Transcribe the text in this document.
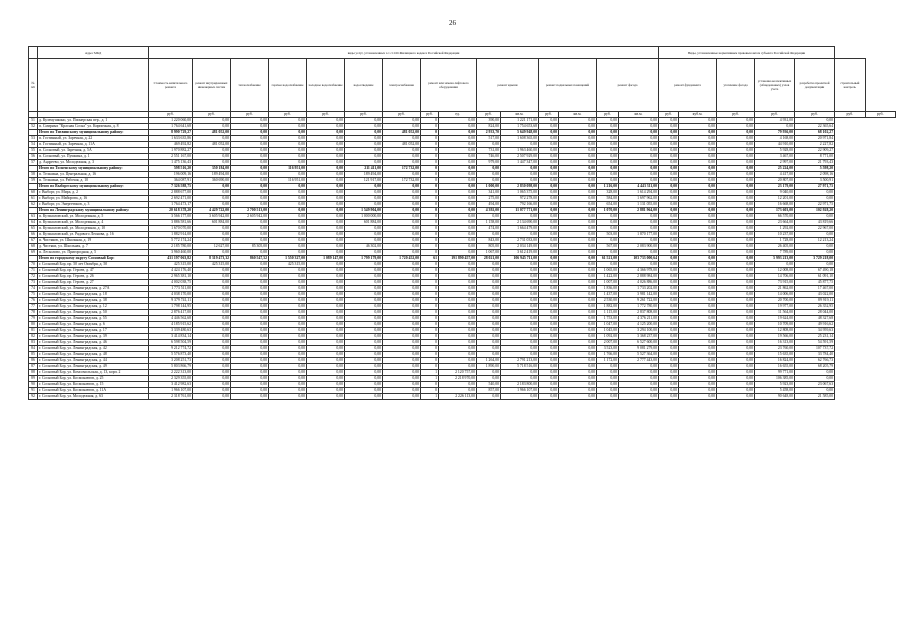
26
	Адрес МКД	виды услуг, установленных ч.1 ст.166 Жилищного кодекса Российской Федерации															Виды, установленные нормативным правовым актом субъекта Российской Федерации						
№ п/п		Стоимость капитального ремонта	ремонт внутридомовых инженерных систем	теплоснабжение	горячее водоснабжение	холодное водоснабжение	водоотведение	электроснабжение	ремонт или замена лифтового оборудования		ремонт крыши		ремонт подвальных помещений		ремонт фасада		ремонт фундамента		утепление фасада	установка коллективных (общедомовых) узлов учета	разработка проектной документации	строительный контроль	
		руб.	руб.	руб.	руб.	руб.	руб.	руб.	руб.	ед.	руб.	кв.м.	руб.	кв.м.	руб.	кв.м.	руб.	куб.м.	руб.	руб.	руб.	руб.	руб.
51	д. Кулемушкино, ул. Пионерская пер., д. 1	1 220 060,00	0,00	0,00	0,00	0,00	0,00	0,00	0	0,00	390,00	1 221 171,00	0,00	0,00	0,00	0,00	0,00	0,00	0,00	4 931,00	0,00		
52	п. Смирных "Красная Сосна" ул. Кирпичная, д. 8	1 764 641,68	0,00	0,00	0,00	0,00	0,00	0,00	0	0,00	824,00	1 754 653,68	0,00	0,00	0,00	0,00	0,00	0,00	0,00	0,00	22 365,64		
	Итого по Тихвинскому муниципальному району:	8 990 729,27	481 052,00	0,00	0,00	0,00	0,00	481 052,00	0	0,00	2 933,70	5 649 948,00	0,00	0,00	0,00	0,00	0,00	0,00	0,00	79 936,00	68 102,27		
53	п. Гостинный, ул. Заречная, д. 22	1 633 635,86	0,00	0,00	0,00	0,00	0,00	0,00	0	0,00	517,00	1 608 365,00	0,00	0,00	0,00	0,00	0,00	0,00	0,00	4 168,00	20 971,84		
54	п. Гостинный, ул. Заречная, д. 11А	469 492,82	481 052,00	0,00	0,00	0,00	0,00	481 052,00	0	0,00	0,00	0,00	0,00	0,00	0,00	0,00	0,00	0,00	0,00	44 910,00	2 227,82		
55	п. Сосновый, ул. Заречная, д. 5А	1 970 882,27	0,00	0,00	0,00	0,00	0,00	0,00	0	0,00	731,00	1 963 460,00	0,00	0,00	0,00	0,00	0,00	0,00	0,00	5 928,00	22 909,27		
56	п. Сосновый, ул. Пушкина, д. 1	2 551 167,00	0,00	0,00	0,00	0,00	0,00	0,00	0	0,00	746,00	2 507 929,00	0,00	0,00	0,00	0,00	0,00	0,00	0,00	3 467,00	8 771,00		
57	д. Андреево, ул. Молодежная, д. 3	1 475 136,43	0,00	0,00	0,00	0,00	0,00	0,00	0	0,00	979,00	1 447 347,00	0,00	0,00	0,00	0,00	0,00	0,00	0,00	2 997,00	21 793,43		
	Итого по Тосненскому муниципальному району:	598 516,20	350 184,00	0,00	116 951,00	0,00	211 411,00	172 732,00	0	0,00	0,00	0,00	0,00	0,00	0,00	0,00	0,00	0,00	0,00	25 224,00	5 598,20		
58	п. Тельмана, ул. Центральная, д. 16	196 009,16	189 494,00	0,00	0,00	0,00	189 494,00	0,00	0	0,00	0,00	0,00	0,00	0,00	0,00	0,00	0,00	0,00	0,00	4 417,00	2 098,16		
59	п. Тельмана, ул. Рабочая, д. 10	364 087,91	360 690,00	0,00	116 951,00	0,00	121 917,00	172 732,00	0	0,00	0,00	0,00	0,00	0,00	0,00	0,00	0,00	0,00	0,00	20 807,00	3 500,91		
	Итого по Выборгскому муниципальному району:	7 326 588,75	0,00	0,00	0,00	0,00	0,00	0,00	0	0,00	1 000,00	2 830 098,00	0,00	0,00	1 216,00	4 443 311,00	0,00	0,00	0,00	23 179,00	27 971,75		
60	г. Выборг, ул. Мира, д. 2	2 888 677,00	0,00	0,00	0,00	0,00	0,00	0,00	0	0,00	341,00	1 065 375,00	0,00	0,00	328,00	1 614 294,00	0,00	0,00	0,00	9 040,00	0,00		
61	г. Выборг, ул. Майорова, д. 16	2 692 471,00	0,00	0,00	0,00	0,00	0,00	0,00	0	0,00	275,00	972 278,00	0,00	0,00	584,00	1 697 962,00	0,00	0,00	0,00	12 201,00	0,00		
62	г. Выборг, ул. Энергетиков, д. 3	1 764 473,17	0,00	0,00	0,00	0,00	0,00	0,00	0	0,00	494,00	792 166,00	0,00	0,00	654,00	1 131 055,00	0,00	0,00	0,00	16 668,00	22 971,75		
	Итого по Ленинградскому муниципальному району:	20 618 378,20	4 429 722,00	2 700 513,00	0,00	0,00	1 549 904,00	0,00	0	0,00	4 392,00	11 077 771,00	0,00	0,00	1 070,00	2 881 964,00	0,00	0,00	0,00	173 603,00	102 928,20		
63	п. Кузьмоловский, ул. Молодежная, д. 5	3 566 177,00	3 605 942,00	2 605 942,00	0,00	0,00	1 000 000,00	0,00	0	0,00	0,00	0,00	0,00	0,00	0,00	0,00	0,00	0,00	0,00	66 570,00	0,00		
64	п. Кузьмоловский, ул. Молодежная, д. 4	3 886 581,66	601 884,00	0,00	0,00	0,00	601 884,00	0,00	0	0,00	1 158,00	2 134 690,00	0,00	0,00	0,00	0,00	0,00	0,00	0,00	23 664,00	43 819,66		
65	п. Кузьмоловский, ул. Молодежная, д. 10	1 670 070,00	0,00	0,00	0,00	0,00	0,00	0,00	0	0,00	474,00	1 664 479,00	0,00	0,00	0,00	0,00	0,00	0,00	0,00	1 292,00	22 967,00		
66	п. Кузьмоловский, ул. Рядового Леонова, д. 16	1 882 914,00	0,00	0,00	0,00	0,00	0,00	0,00	0	0,00	0,00	0,00	0,00	0,00	503,00	1 870 177,00	0,00	0,00	0,00	10 237,00	0,00		
67	п. Чистяков, ул. Школьная, д. 19	5 772 174,24	0,00	0,00	0,00	0,00	0,00	0,00	0	0,00	843,00	2 731 033,00	0,00	0,00	0,00	0,00	0,00	0,00	0,00	1 728,00	12 213,24		
68	д. Чистяки, ул. Школьная, д. 7	2 185 780,00	12 627,00	85 305,00	0,00	0,00	46 302,00	0,00	0	0,00	805,00	2 034 149,00	0,00	0,00	567,00	2 083 900,00	0,00	0,00	0,00	26 405,00	0,00		
69	п. Лесколово, ул. Пригородная, д. 5	3 960 460,00	0,00	0,00	0,00	0,00	0,00	0,00	0	0,00	1 067,00	3 612 419,00	0,00	0,00	0,00	0,00	0,00	0,00	0,00	7 789,00	0,00		
	Итого по городскому округу Сосновый Бор:	431 197 063,82	8 319 473,32	860 547,52	1 550 327,00	1 089 147,00	1 799 179,00	1 720 452,00	61	191 890 457,00	28 021,00	106 945 711,00	0,00	0,00	61 521,00	103 733 000,64	0,00	0,00	0,00	5 993 213,00	3 729 218,00		
70	г. Сосновый Бор, пр. 50 лет Октября, д. 50	425 315,00	425 315,00	0,00	425 315,00	0,00	0,00	0,00	0	0,00	0,00	0,00	0,00	0,00	0,00	0,00	0,00	0,00	0,00	0,00	0,00		
71	г. Сосновый Бор, пр. Героев, д. 47	4 424 176,40	0,00	0,00	0,00	0,00	0,00	0,00	0	0,00	0,00	0,00	0,00	0,00	1 065,00	4 366 978,00	0,00	0,00	0,00	12 008,00	67 490,18		
72	г. Сосновый Бор, пр. Героев, д. 26	2 965 381,10	0,00	0,00	0,00	0,00	0,00	0,00	0	0,00	0,00	0,00	0,00	0,00	1 422,00	2 888 984,00	0,00	0,00	0,00	14 706,00	61 091,10		
73	г. Сосновый Бор, пр. Героев, д. 27	4 002 038,75	0,00	0,00	0,00	0,00	0,00	0,00	0	0,00	0,00	0,00	0,00	0,00	1 007,00	4 026 886,00	0,00	0,00	0,00	73 915,00	45 877,75		
74	г. Сосновый Бор, ул. Ленинградская, д. 27А	1 773 511,00	0,00	0,00	0,00	0,00	0,00	0,00	0	0,00	0,00	0,00	0,00	0,00	1 836,00	1 733 202,00	0,00	0,00	0,00	21 862,00	17 467,00		
75	г. Сосновый Бор, ул. Ленинградская, д. 18	4 038 170,00	0,00	0,00	0,00	0,00	0,00	0,00	0	0,00	0,00	0,00	0,00	0,00	1 437,00	3 981 142,00	0,00	0,00	0,00	14 006,00	43 022,00		
76	г. Сосновый Бор, ул. Ленинградская, д. 38	9 379 741,11	0,00	0,00	0,00	0,00	0,00	0,00	0	0,00	0,00	0,00	0,00	0,00	2 530,00	9 261 722,00	0,00	0,00	0,00	20 700,00	89 919,11		
77	г. Сосновый Бор, ул. Ленинградская, д. 12	1 798 144,95	0,00	0,00	0,00	0,00	0,00	0,00	0	0,00	0,00	0,00	0,00	0,00	1 882,00	1 772 780,00	0,00	0,00	0,00	19 977,00	26 352,95		
78	г. Сосновый Бор, ул. Ленинградская, д. 50	2 876 417,00	0,00	0,00	0,00	0,00	0,00	0,00	0	0,00	0,00	0,00	0,00	0,00	1 115,00	2 837 808,00	0,00	0,00	0,00	11 564,00	28 044,00		
79	г. Сосновый Бор, ул. Ленинградская, д. 55	4 446 562,68	0,00	0,00	0,00	0,00	0,00	0,00	0	0,00	0,00	0,00	0,00	0,00	1 753,00	4 376 211,00	0,00	0,00	0,00	19 624,00	48 327,68		
80	г. Сосновый Бор, ул. Ленинградская, д. 6	4 185 915,62	0,00	0,00	0,00	0,00	0,00	0,00	0	0,00	0,00	0,00	0,00	0,00	1 047,00	4 125 200,00	0,00	0,00	0,00	10 709,00	49 916,62		
81	г. Сосновый Бор, ул. Ленинградская, д. 17	3 339 480,63	0,00	0,00	0,00	0,00	0,00	0,00	0	0,00	0,00	0,00	0,00	0,00	1 045,00	3 294 100,00	0,00	0,00	0,00	12 808,00	34 959,63		
82	г. Сосновый Бор, ул. Ленинградская, д. 39	3 414 834,14	0,00	0,00	0,00	0,00	0,00	0,00	0	0,00	0,00	0,00	0,00	0,00	1 092,00	3 368 237,00	0,00	0,00	0,00	19 566,00	25 231,14		
83	г. Сосновый Бор, ул. Ленинградская, д. 46	6 598 504,59	0,00	0,00	0,00	0,00	0,00	0,00	0	0,00	0,00	0,00	0,00	0,00	2 007,00	6 527 600,00	0,00	0,00	0,00	16 313,00	54 591,59		
84	г. Сосновый Бор, ул. Ленинградская, д. 42	9 212 774,72	0,00	0,00	0,00	0,00	0,00	0,00	0	0,00	0,00	0,00	0,00	0,00	3 523,00	9 081 279,00	0,00	0,00	0,00	23 760,00	107 737,72		
85	г. Сосновый Бор, ул. Ленинградская, д. 48	5 576 873,40	0,00	0,00	0,00	0,00	0,00	0,00	0	0,00	0,00	0,00	0,00	0,00	1 766,00	5 527 364,00	0,00	0,00	0,00	15 635,00	33 784,40		
86	г. Сосновый Бор, ул. Ленинградская, д. 44	3 208 251,73	0,00	0,00	0,00	0,00	0,00	0,00	0	0,00	1 264,00	2 791 213,00	0,00	0,00	1 172,00	2 777 443,00	0,00	0,00	0,00	16 824,00	62 766,73		
87	г. Сосновый Бор, ул. Ленинградская, д. 49	5 803 866,79	0,00	0,00	0,00	0,00	0,00	0,00	0	0,00	1 890,00	5 718 516,00	0,00	0,00	0,00	0,00	0,00	0,00	0,00	16 655,00	68 205,79		
88	г. Сосновый Бор, ул. Комсомольская, д. 13, корп. 2	2 222 313,00	0,00	0,00	0,00	0,00	0,00	0,00	1	2 120 757,00	0,00	0,00	0,00	0,00	0,00	0,00	0,00	0,00	0,00	99 771,00	0,00		
89	г. Сосновый Бор, ул. Космонавтов, д. 25	2 329 355,00	0,00	0,00	0,00	0,00	0,00	0,00	1	2 218 970,00	0,00	0,00	0,00	0,00	0,00	0,00	0,00	0,00	0,00	106 385,00	0,00		
90	г. Сосновый Бор, ул. Космонавтов, д. 15	3 412 982,63	0,00	0,00	0,00	0,00	0,00	0,00	0	0,00	540,00	2 183 800,00	0,00	0,00	0,00	0,00	0,00	0,00	0,00	5 923,00	23 067,63		
91	г. Сосновый Бор, ул. Космонавтов, д. 11А	1 966 107,00	0,00	0,00	0,00	0,00	0,00	0,00	0	0,00	857,00	1 966 107,00	0,00	0,00	0,00	0,00	0,00	0,00	0,00	5 458,00	0,00		
92	г. Сосновый Бор, ул. Молодежная, д. 63	2 318 761,00	0,00	0,00	0,00	0,00	0,00	0,00	1	2 226 113,00	0,00	0,00	0,00	0,00	0,00	0,00	0,00	0,00	0,00	90 648,00	21 585,00		
